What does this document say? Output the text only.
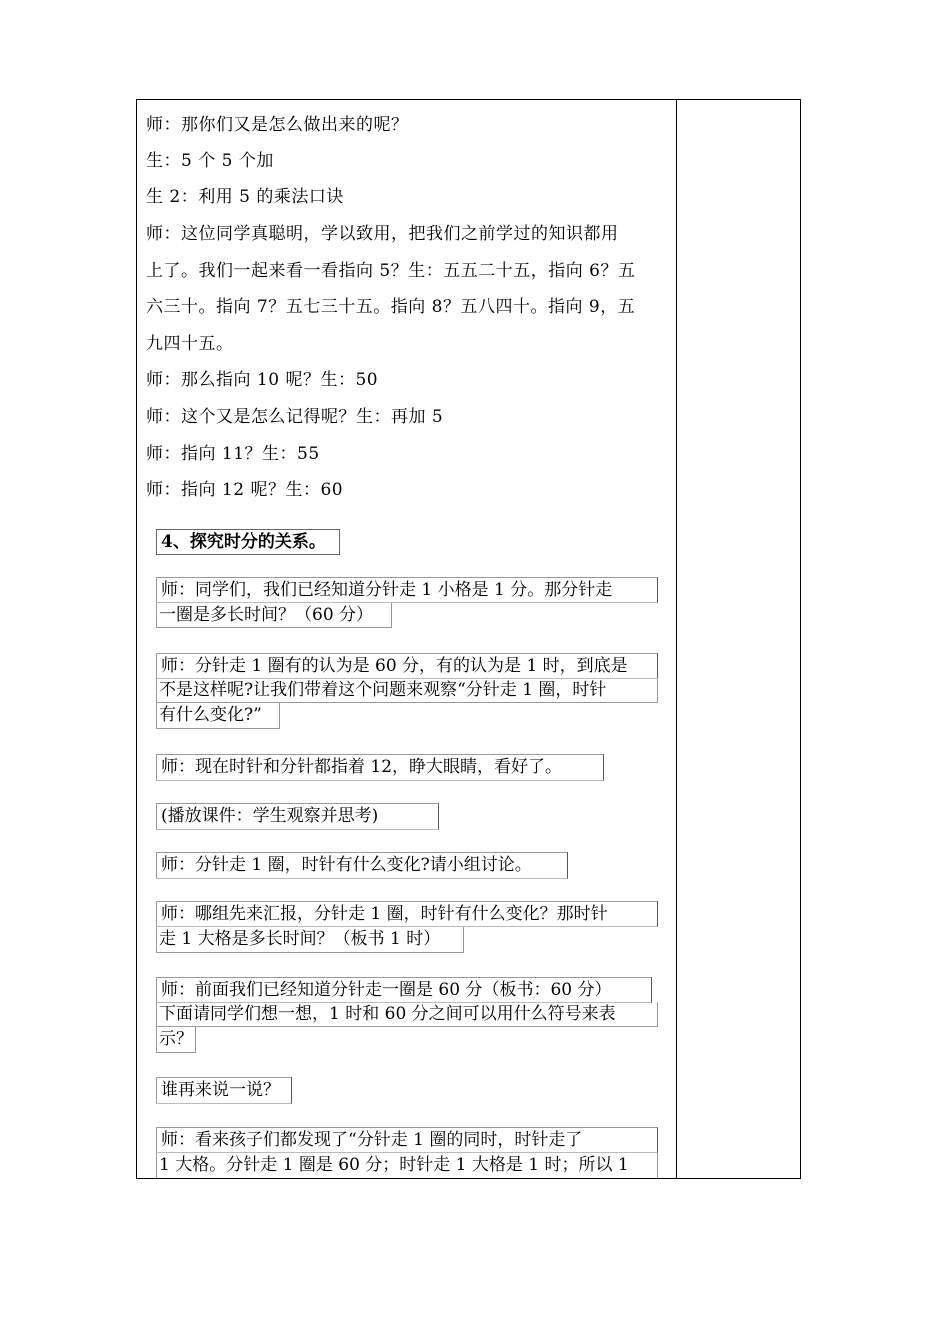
师：那你们又是怎么做出来的呢？
生：5 个 5 个加
生 2：利用 5 的乘法口诀
师：这位同学真聪明，学以致用，把我们之前学过的知识都用
上了。我们一起来看一看指向 5？生：五五二十五，指向 6？五
六三十。指向 7？五七三十五。指向 8？五八四十。指向 9，五
九四十五。
师：那么指向 10 呢？生：50
师：这个又是怎么记得呢？生：再加 5
师：指向 11？生：55
师：指向 12 呢？生：60
4、探究时分的关系。
师：同学们，我们已经知道分针走 1 小格是 1 分。那分针走
一圈是多长时间？（60 分）
师：分针走 1 圈有的认为是 60 分，有的认为是 1 时，到底是
不是这样呢?让我们带着这个问题来观察“分针走 1 圈，时针
有什么变化?”
师：现在时针和分针都指着 12，睁大眼睛，看好了。
(播放课件：学生观察并思考)
师：分针走 1 圈，时针有什么变化?请小组讨论。
师：哪组先来汇报，分针走 1 圈，时针有什么变化？那时针
走 1 大格是多长时间？（板书 1 时）
师：前面我们已经知道分针走一圈是 60 分（板书：60 分）
下面请同学们想一想，1 时和 60 分之间可以用什么符号来表
示？
谁再来说一说？
师：看来孩子们都发现了“分针走 1 圈的同时，时针走了
1 大格。分针走 1 圈是 60 分；时针走 1 大格是 1 时；所以 1
